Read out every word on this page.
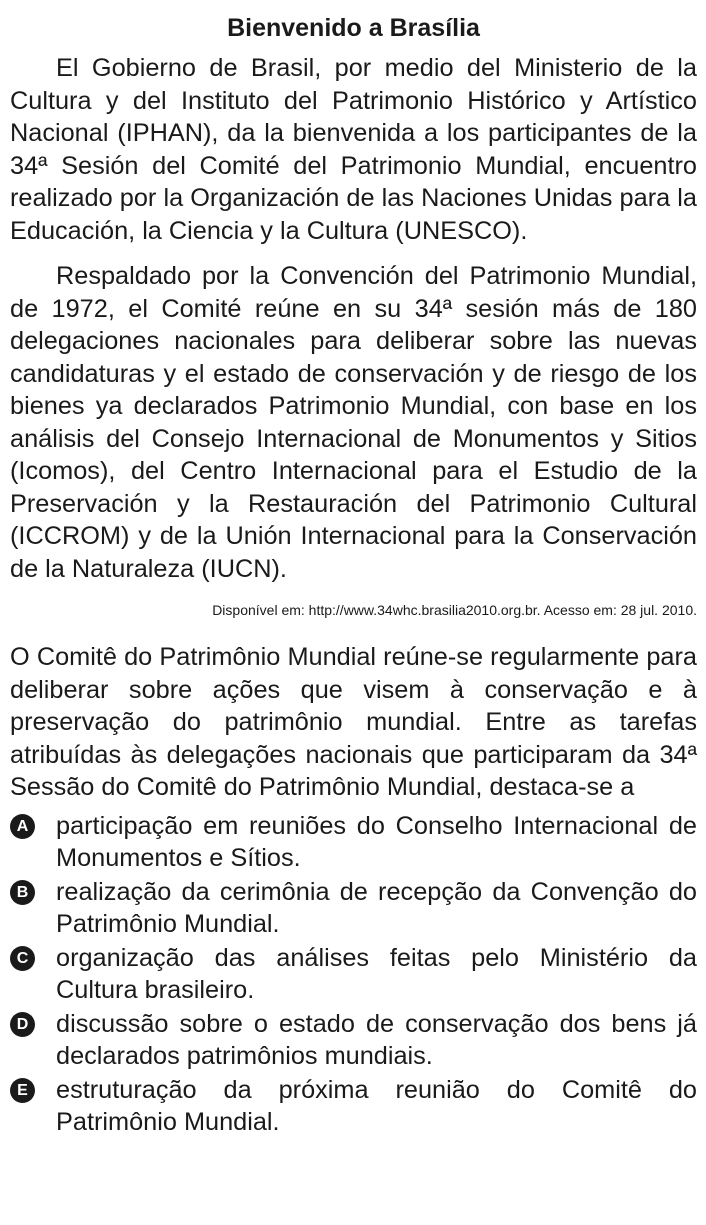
Bienvenido a Brasília

El Gobierno de Brasil, por medio del Ministerio de la Cultura y del Instituto del Patrimonio Histórico y Artístico Nacional (IPHAN), da la bienvenida a los participantes de la 34ª Sesión del Comité del Patrimonio Mundial, encuentro realizado por la Organización de las Naciones Unidas para la Educación, la Ciencia y la Cultura (UNESCO).

Respaldado por la Convención del Patrimonio Mundial, de 1972, el Comité reúne en su 34ª sesión más de 180 delegaciones nacionales para deliberar sobre las nuevas candidaturas y el estado de conservación y de riesgo de los bienes ya declarados Patrimonio Mundial, con base en los análisis del Consejo Internacional de Monumentos y Sitios (Icomos), del Centro Internacional para el Estudio de la Preservación y la Restauración del Patrimonio Cultural (ICCROM) y de la Unión Internacional para la Conservación de la Naturaleza (IUCN).

Disponível em: http://www.34whc.brasilia2010.org.br. Acesso em: 28 jul. 2010.

O Comitê do Patrimônio Mundial reúne-se regularmente para deliberar sobre ações que visem à conservação e à preservação do patrimônio mundial. Entre as tarefas atribuídas às delegações nacionais que participaram da 34ª Sessão do Comitê do Patrimônio Mundial, destaca-se a

A participação em reuniões do Conselho Internacional de Monumentos e Sítios.
B realização da cerimônia de recepção da Convenção do Patrimônio Mundial.
C organização das análises feitas pelo Ministério da Cultura brasileiro.
D discussão sobre o estado de conservação dos bens já declarados patrimônios mundiais.
E estruturação da próxima reunião do Comitê do Patrimônio Mundial.
